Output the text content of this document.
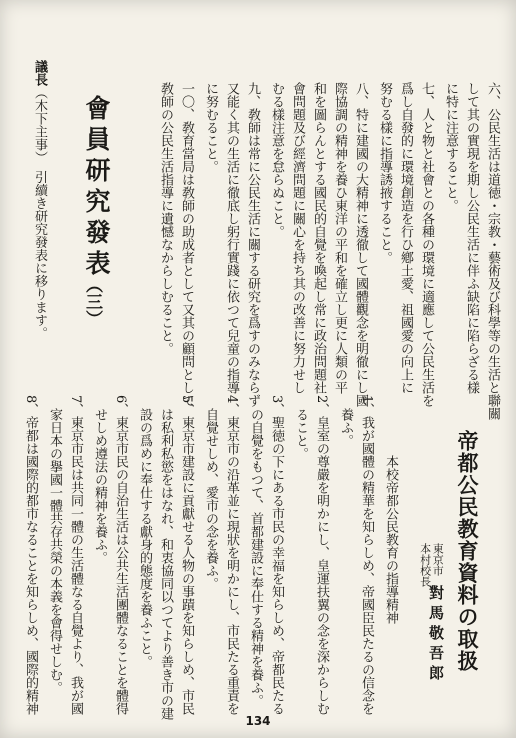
六、公民生活は道徳・宗教・藝術及び科學等の生活と聯關
して其の實現を期し公民生活に伴ふ缺陷に陷らざる樣
に特に注意すること。
七、人と物と社會との各種の環境に適應して公民生活を
爲し自發的に環境創造を行ひ鄕土愛、祖國愛の向上に
努むる樣に指導誘掖すること。
八、特に建國の大精神に透徹して國體觀念を明徹にし國
際協調の精神を養ひ東洋の平和を確立し更に人類の平
和を圖らんとする國民的自覺を喚起し常に政治問題社
會問題及び經濟問題に關心を持ち其の改善に努力せし
むる樣注意を怠らぬこと。
九、敎師は常に公民生活に關する研究を爲すのみならず
又能く其の生活に徹底し躬行實踐に依つて兒童の指導
に努むること。
一〇、敎育當局は敎師の助成者として又其の顧問として
敎師の公民生活指導に遺憾なからしむること。
會員研究發表
（三）
議長（木下主事）　引續き研究發表に移ります。
帝都公民教育資料の取扱
東京市
本村校長
對馬敬吾郎
本校帝都公民教育の指導精神
1、我が國體の精華を知らしめ、帝國臣民たるの信念を
養ふ。
2、皇室の尊嚴を明かにし、皇運扶翼の念を深からしむ
ること。
3、聖徳の下にある市民の幸福を知らしめ、帝都民たる
の自覺をもつて、首都建設に奉仕する精神を養ふ。
4、東京市の沿革並に現狀を明かにし、市民たる重責を
自覺せしめ、愛市の念を養ふ。
5、東京市建設に貢獻せる人物の事蹟を知らしめ、市民
は私利私慾をはなれ、和衷協同以つてより善き市の建
設の爲めに奉仕する獻身的態度を養ふこと。
6、東京市民の自治生活は公共生活團體なることを體得
せしめ遵法の精神を養ふ。
7、東京市民は共同一體の生活體なる自覺より、我が國
家日本の擧國一體共存共榮の本義を會得せしむ。
8、帝都は國際的都市なることを知らしめ、國際的精神
134
